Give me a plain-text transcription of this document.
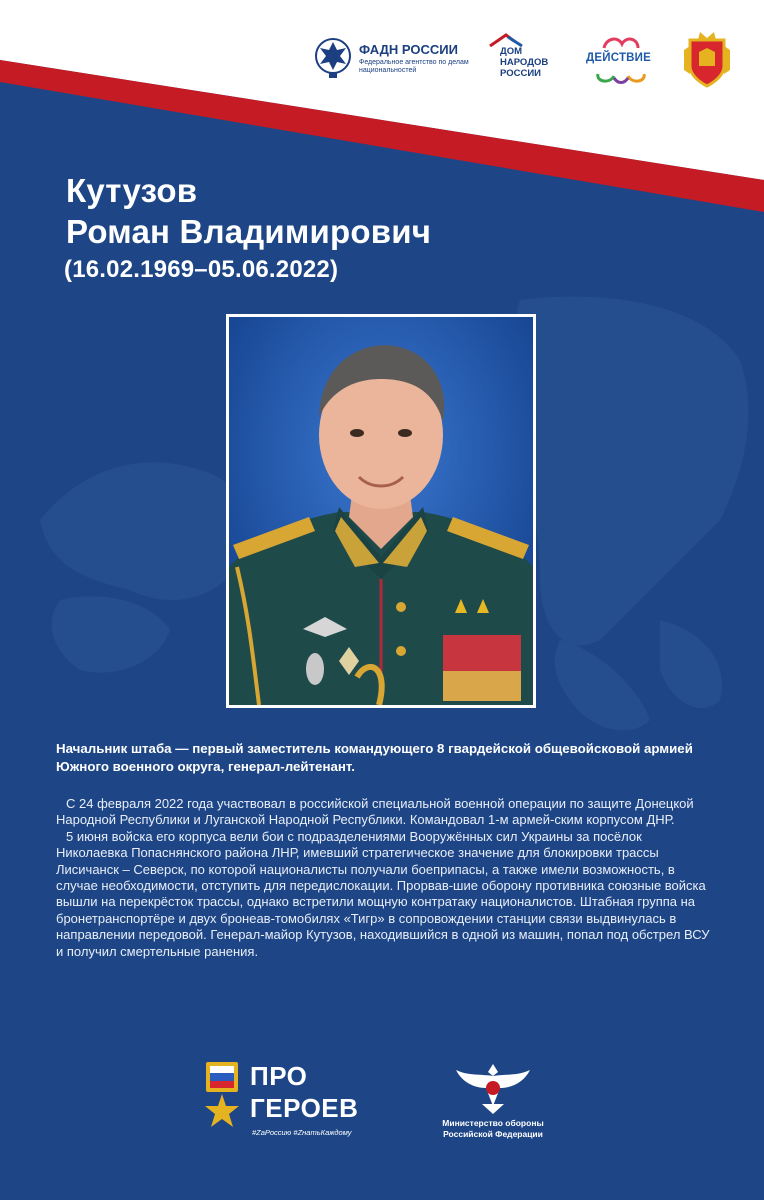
ФАДН РОССИИ
Федеральное агентство по делам национальностей
ДОМ НАРОДОВ РОССИИ
ДЕЙСТВИЕ
Кутузов
Роман Владимирович
(16.02.1969–05.06.2022)
Начальник штаба — первый заместитель командующего 8 гвардейской общевойсковой армией Южного военного округа, генерал-лейтенант.

С 24 февраля 2022 года участвовал в российской специальной военной операции по защите Донецкой Народной Республики и Луганской Народной Республики. Командовал 1-м армей-ским корпусом ДНР.

5 июня войска его корпуса вели бои с подразделениями Вооружённых сил Украины за посёлок Николаевка Попаснянского района ЛНР, имевший стратегическое значение для блокировки трассы Лисичанск – Северск, по которой националисты получали боеприпасы, а также имели возможность, в случае необходимости, отступить для передислокации. Прорвав-шие оборону противника союзные войска вышли на перекрёсток трассы, однако встретили мощную контратаку националистов. Штабная группа на бронетранспортёре и двух бронеав-томобилях «Тигр» в сопровождении станции связи выдвинулась в направлении передовой. Генерал-майор Кутузов, находившийся в одной из машин, попал под обстрел ВСУ и получил смертельные ранения.

ПРО
ГЕРОЕВ
#ZaРоссию #ZнатьКаждому
Министерство обороны Российской Федерации
